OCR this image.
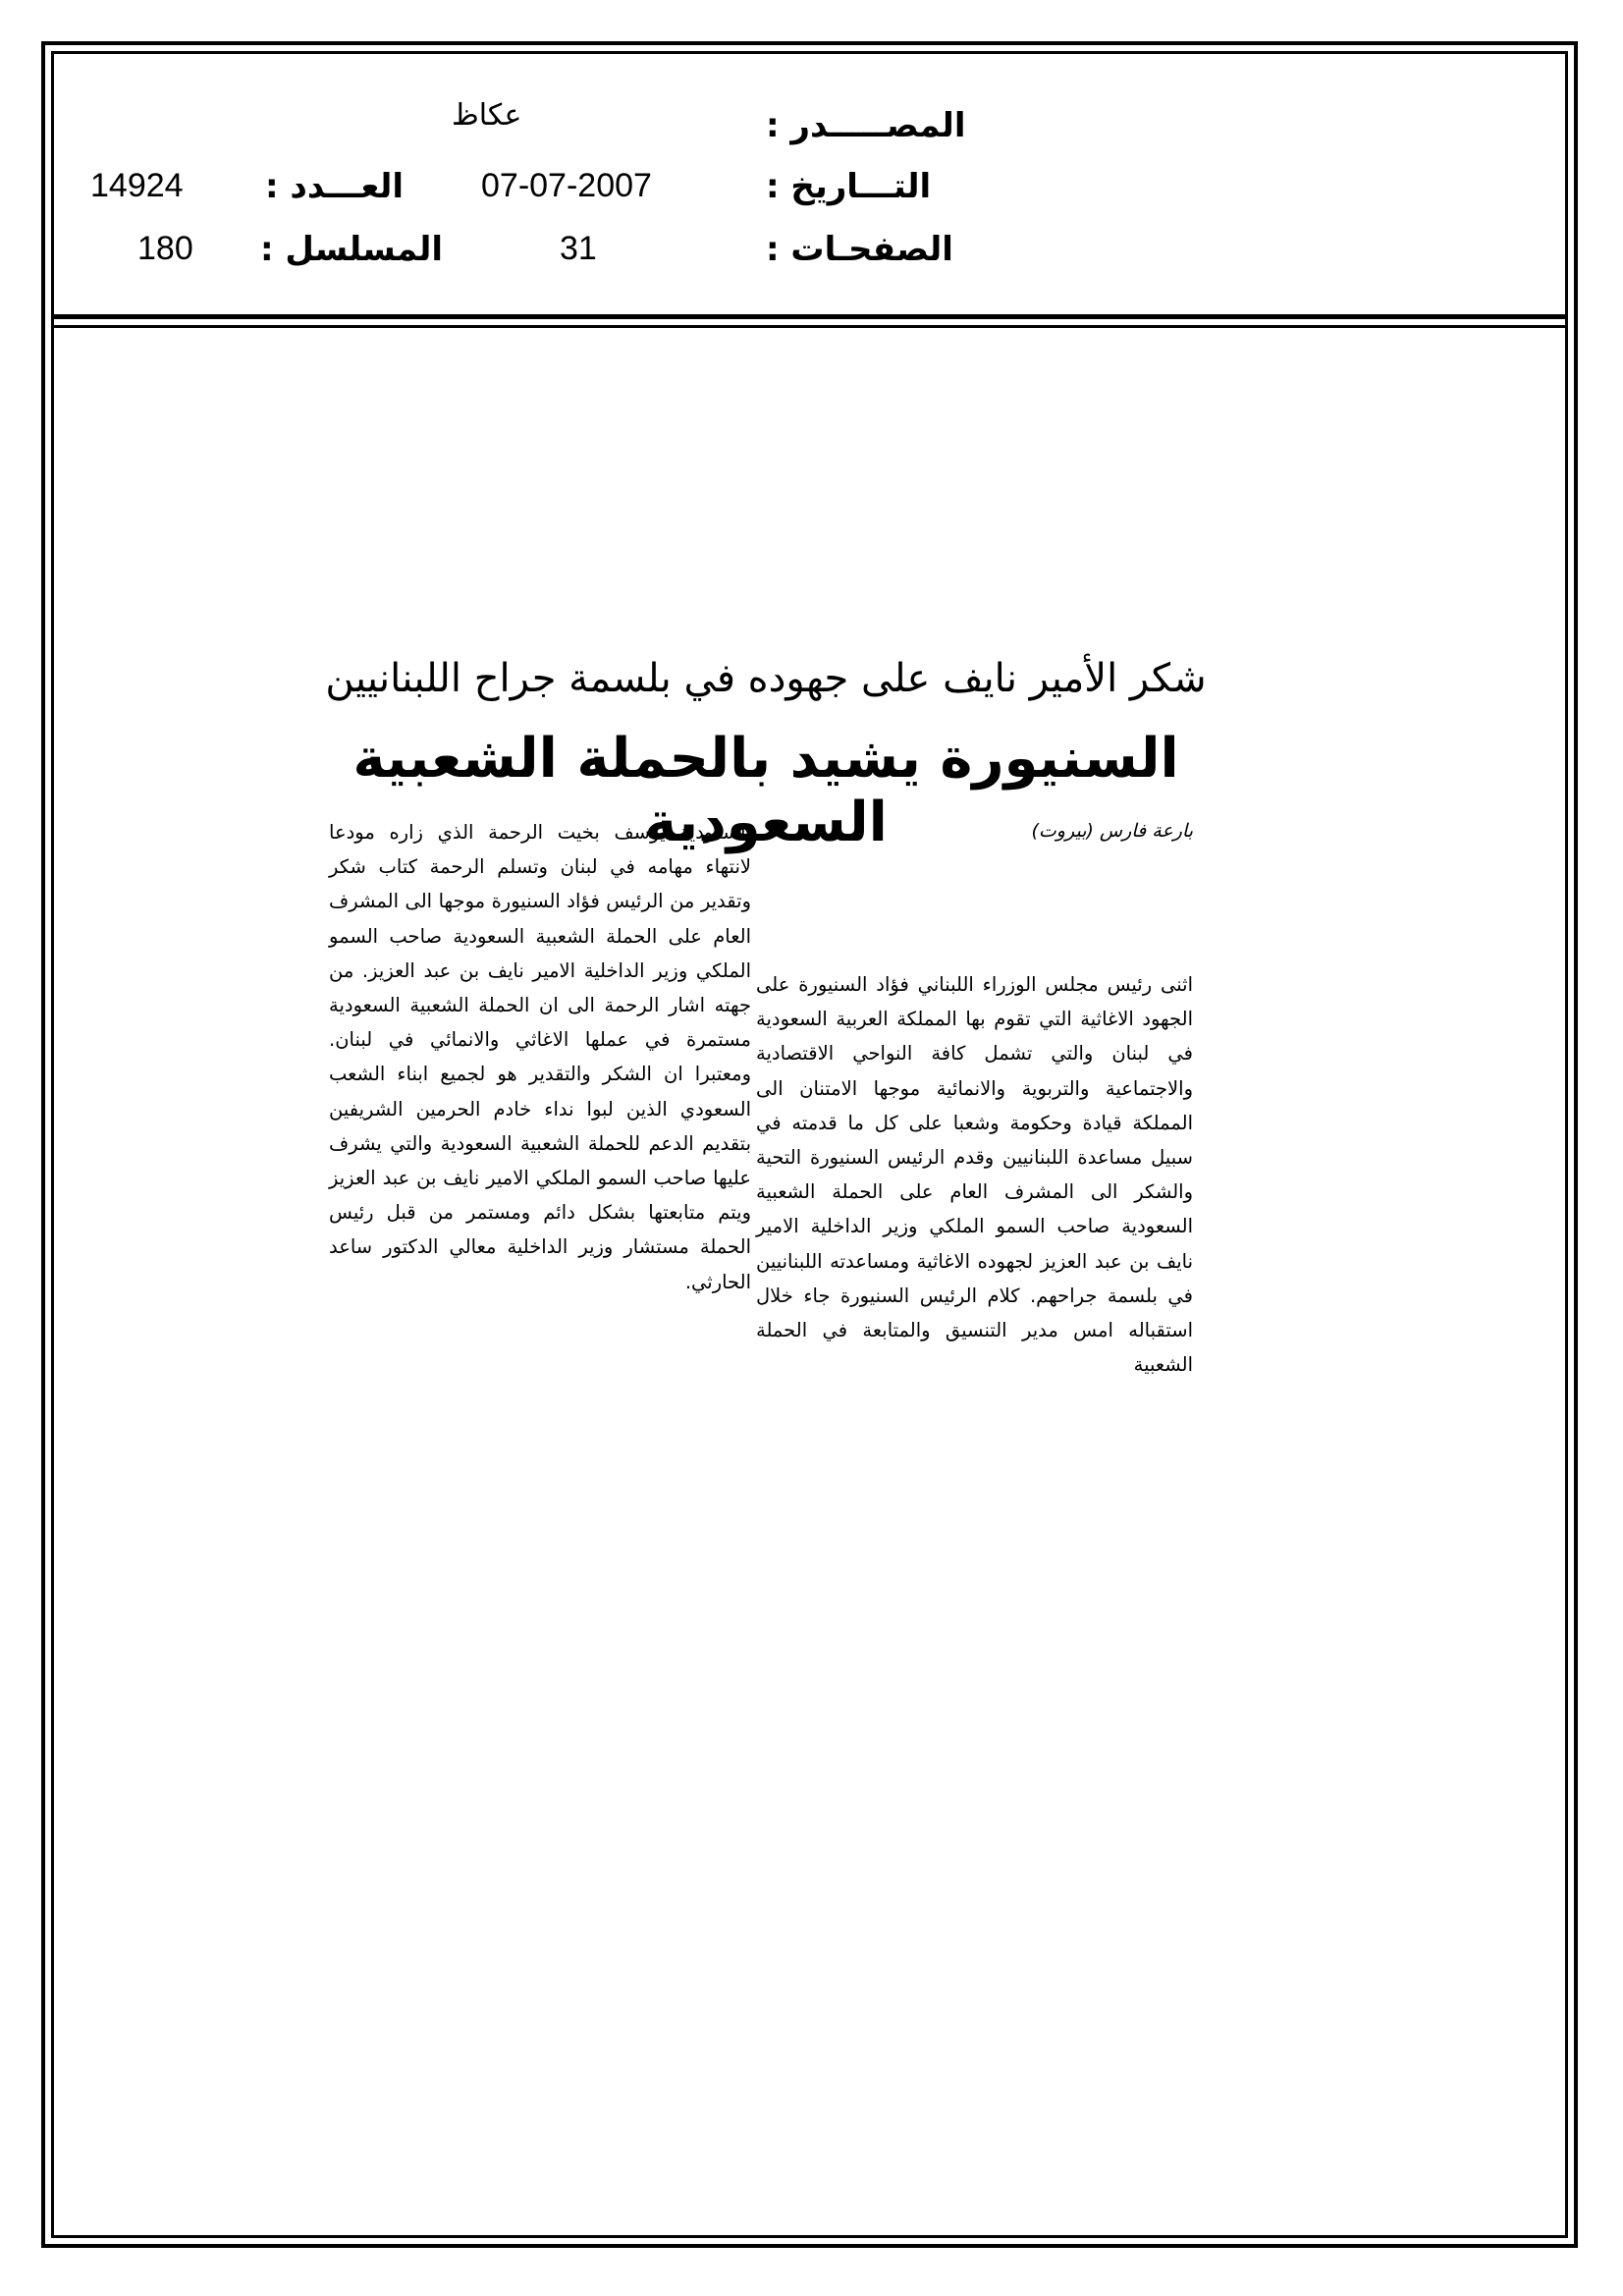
عكاظ	المصـــــدر :
14924 العـــدد : 07-07-2007	التـــاريخ :
180 المسلسل :	31	الصفحـات :
شكر الأمير نايف على جهوده في بلسمة جراح اللبنانيين
السنيورة يشيد بالحملة الشعبية السعودية	بارعة فارس (بيروت)

اثنى رئيس مجلس الوزراء اللبناني فؤاد السنيورة على الجهود الاغاثية التي تقوم بها المملكة العربية السعودية في لبنان والتي تشمل كافة النواحي الاقتصادية والاجتماعية والتربوية والانمائية موجها الامتنان الى المملكة قيادة وحكومة وشعبا على كل ما قدمته في سبيل مساعدة اللبنانيين وقدم الرئيس السنيورة التحية والشكر الى المشرف العام على الحملة الشعبية السعودية صاحب السمو الملكي وزير الداخلية الامير نايف بن عبد العزيز لجهوده الاغاثية ومساعدته اللبنانيين في بلسمة جراحهم. كلام الرئيس السنيورة جاء خلال استقباله امس مدير التنسيق والمتابعة في الحملة الشعبية

السعودية يوسف بخيت الرحمة الذي زاره مودعا لانتهاء مهامه في لبنان وتسلم الرحمة كتاب شكر وتقدير من الرئيس فؤاد السنيورة موجها الى المشرف العام على الحملة الشعبية السعودية صاحب السمو الملكي وزير الداخلية الامير نايف بن عبد العزيز. من جهته اشار الرحمة الى ان الحملة الشعبية السعودية مستمرة في عملها الاغاثي والانمائي في لبنان. ومعتبرا ان الشكر والتقدير هو لجميع ابناء الشعب السعودي الذين لبوا نداء خادم الحرمين الشريفين بتقديم الدعم للحملة الشعبية السعودية والتي يشرف عليها صاحب السمو الملكي الامير نايف بن عبد العزيز ويتم متابعتها بشكل دائم ومستمر من قبل رئيس الحملة مستشار وزير الداخلية معالي الدكتور ساعد الحارثي.
